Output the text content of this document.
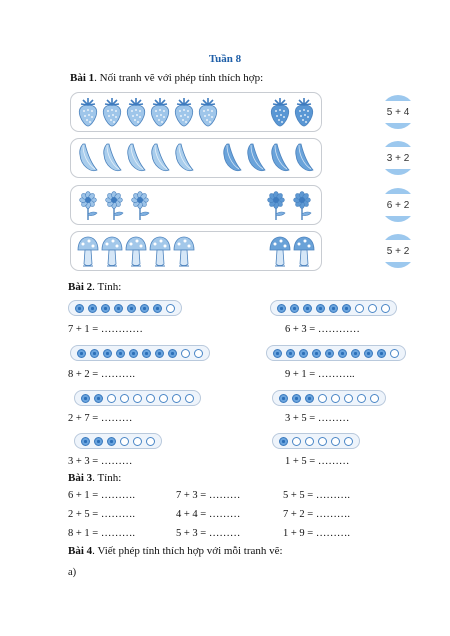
Tuần 8
Bài 1. Nối tranh vẽ với phép tính thích hợp:
5 + 4
3 + 2
6 + 2
5 + 2
Bài 2. Tính:
7 + 1 = …………	6 + 3 = …………
8 + 2 = ……….	9 + 1 = ………..
2 + 7 = ………	3 + 5 = ………
3 + 3 = ………	1 + 5 = ………
Bài 3. Tính:
6 + 1 = ……….	7 + 3 = ………	5 + 5 = ……….
2 + 5 = ……….	4 + 4 = ………	7 + 2 = ……….
8 + 1 = ……….	5 + 3 = ………	1 + 9 = ……….
Bài 4. Viết phép tính thích hợp với mỗi tranh vẽ:
a)
